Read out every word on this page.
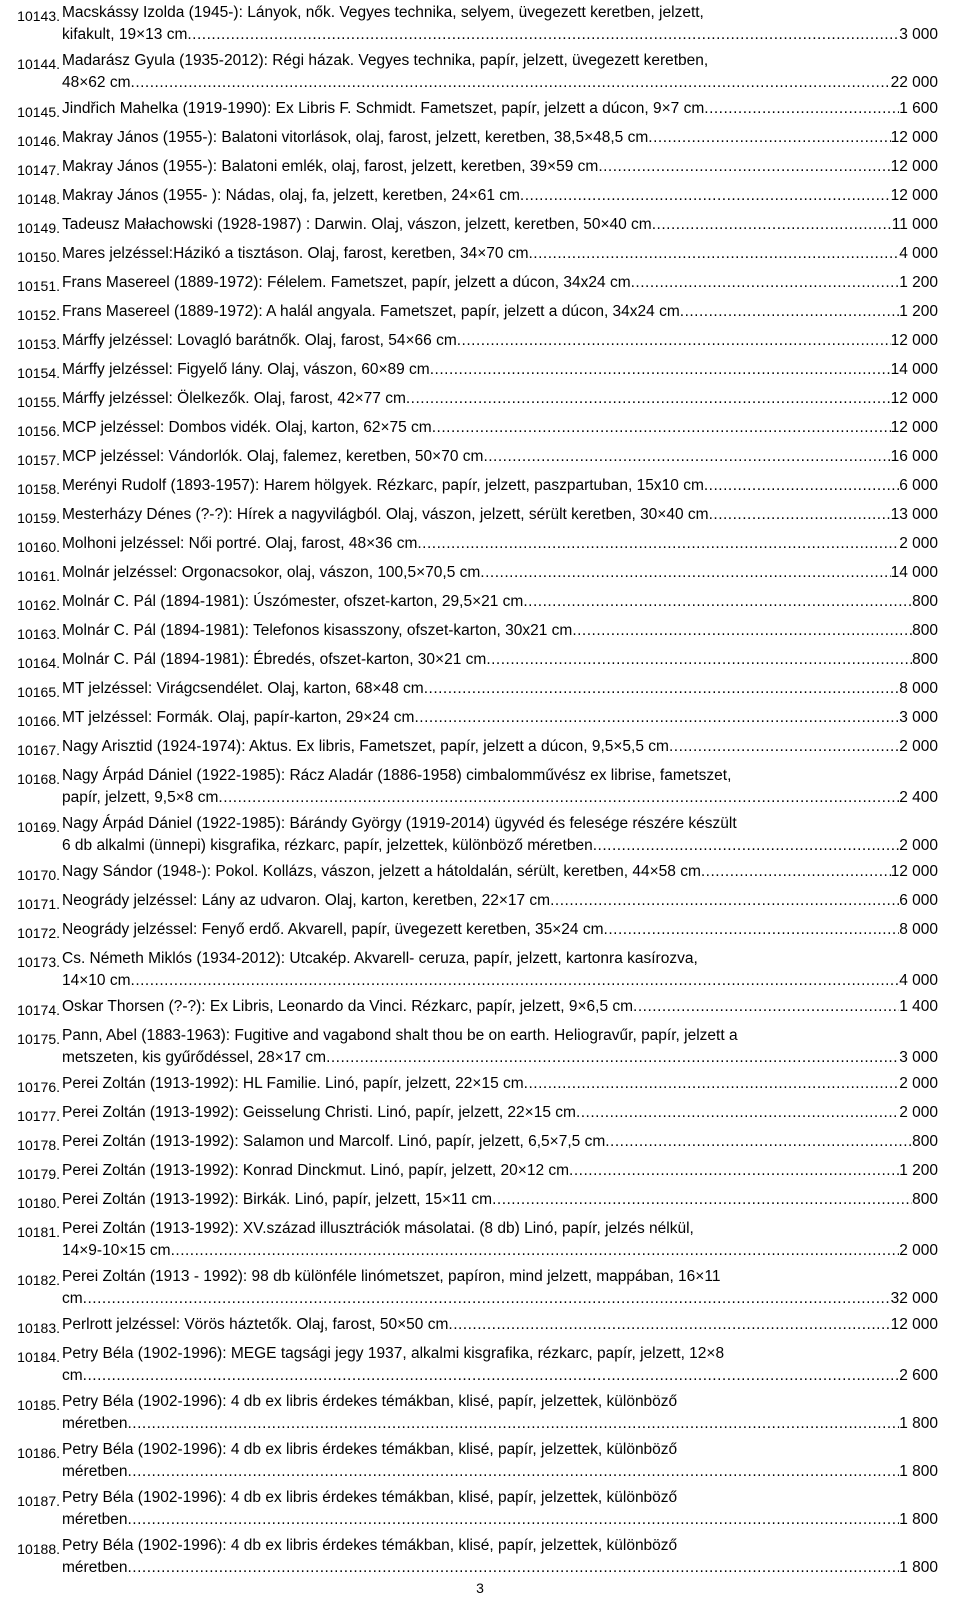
10143. Macskássy Izolda (1945-): Lányok, nők. Vegyes technika, selyem, üvegezett keretben, jelzett,
kifakult, 19×13 cm .....	3 000
10144. Madarász Gyula (1935-2012): Régi házak. Vegyes technika, papír, jelzett, üvegezett keretben,
48×62 cm .....	22 000
10145. Jindřich Mahelka (1919-1990): Ex Libris F. Schmidt. Fametszet, papír, jelzett a dúcon, 9×7 cm .....	1 600
10146. Makray János (1955-): Balatoni vitorlások, olaj, farost, jelzett, keretben, 38,5×48,5 cm .....	12 000
10147. Makray János (1955-): Balatoni emlék, olaj, farost, jelzett, keretben, 39×59 cm .....	12 000
10148. Makray János (1955- ): Nádas, olaj, fa, jelzett, keretben, 24×61 cm .....	12 000
10149. Tadeusz Małachowski (1928-1987) : Darwin. Olaj, vászon, jelzett, keretben, 50×40 cm .....	11 000
10150. Mares jelzéssel:Házikó a tisztáson. Olaj, farost, keretben, 34×70 cm .....	4 000
10151. Frans Masereel (1889-1972): Félelem. Fametszet, papír, jelzett a dúcon, 34x24 cm .....	1 200
10152. Frans Masereel (1889-1972): A halál angyala. Fametszet, papír, jelzett a dúcon, 34x24 cm .....	1 200
10153. Márffy jelzéssel: Lovagló barátnők. Olaj, farost, 54×66 cm .....	12 000
10154. Márffy jelzéssel: Figyelő lány. Olaj, vászon, 60×89 cm .....	14 000
10155. Márffy jelzéssel: Ölelkezők. Olaj, farost, 42×77 cm .....	12 000
10156. MCP jelzéssel: Dombos vidék. Olaj, karton, 62×75 cm .....	12 000
10157. MCP jelzéssel: Vándorlók. Olaj, falemez, keretben, 50×70 cm .....	16 000
10158. Merényi Rudolf (1893-1957): Harem hölgyek. Rézkarc, papír, jelzett, paszpartuban, 15x10 cm .....	6 000
10159. Mesterházy Dénes (?-?): Hírek a nagyvilágból. Olaj, vászon, jelzett, sérült keretben, 30×40 cm .....	13 000
10160. Molhoni jelzéssel: Női portré. Olaj, farost, 48×36 cm .....	2 000
10161. Molnár jelzéssel: Orgonacsokor, olaj, vászon, 100,5×70,5 cm .....	14 000
10162. Molnár C. Pál (1894-1981): Úszómester, ofszet-karton, 29,5×21 cm .....	800
10163. Molnár C. Pál (1894-1981): Telefonos kisasszony, ofszet-karton, 30x21 cm .....	800
10164. Molnár C. Pál (1894-1981): Ébredés, ofszet-karton, 30×21 cm .....	800
10165. MT jelzéssel: Virágcsendélet. Olaj, karton, 68×48 cm .....	8 000
10166. MT jelzéssel: Formák. Olaj, papír-karton, 29×24 cm .....	3 000
10167. Nagy Arisztid (1924-1974): Aktus. Ex libris, Fametszet, papír, jelzett a dúcon, 9,5×5,5 cm .....	2 000
10168. Nagy Árpád Dániel (1922-1985): Rácz Aladár (1886-1958) cimbalomművész ex librise, fametszet,
papír, jelzett, 9,5×8 cm .....	2 400
10169. Nagy Árpád Dániel (1922-1985): Bárándy György (1919-2014) ügyvéd és felesége részére készült
6 db alkalmi (ünnepi) kisgrafika, rézkarc, papír, jelzettek, különböző méretben .....	2 000
10170. Nagy Sándor (1948-): Pokol. Kollázs, vászon, jelzett a hátoldalán, sérült, keretben, 44×58 cm .....	12 000
10171. Neogrády jelzéssel: Lány az udvaron. Olaj, karton, keretben, 22×17 cm .....	6 000
10172. Neogrády jelzéssel: Fenyő erdő. Akvarell, papír, üvegezett keretben, 35×24 cm .....	8 000
10173. Cs. Németh Miklós (1934-2012): Utcakép. Akvarell- ceruza, papír, jelzett, kartonra kasírozva,
14×10 cm .....	4 000
10174. Oskar Thorsen (?-?): Ex Libris, Leonardo da Vinci. Rézkarc, papír, jelzett, 9×6,5 cm .....	1 400
10175. Pann, Abel (1883-1963): Fugitive and vagabond shalt thou be on earth. Heliogravűr, papír, jelzett a
metszeten, kis gyűrődéssel, 28×17 cm .....	3 000
10176. Perei Zoltán (1913-1992): HL Familie. Linó, papír, jelzett, 22×15 cm .....	2 000
10177. Perei Zoltán (1913-1992): Geisselung Christi. Linó, papír, jelzett, 22×15 cm .....	2 000
10178. Perei Zoltán (1913-1992): Salamon und Marcolf. Linó, papír, jelzett, 6,5×7,5 cm .....	800
10179. Perei Zoltán (1913-1992): Konrad Dinckmut. Linó, papír, jelzett, 20×12 cm .....	1 200
10180. Perei Zoltán (1913-1992): Birkák. Linó, papír, jelzett, 15×11 cm .....	800
10181. Perei Zoltán (1913-1992): XV.század illusztrációk másolatai. (8 db) Linó, papír, jelzés nélkül,
14×9-10×15 cm .....	2 000
10182. Perei Zoltán (1913 - 1992): 98 db különféle linómetszet, papíron, mind jelzett, mappában, 16×11
cm .....	32 000
10183. Perlrott jelzéssel: Vörös háztetők. Olaj, farost, 50×50 cm .....	12 000
10184. Petry Béla (1902-1996): MEGE tagsági jegy 1937, alkalmi kisgrafika, rézkarc, papír, jelzett, 12×8
cm .....	2 600
10185. Petry Béla (1902-1996): 4 db ex libris érdekes témákban, klisé, papír, jelzettek, különböző
méretben .....	1 800
10186. Petry Béla (1902-1996): 4 db ex libris érdekes témákban, klisé, papír, jelzettek, különböző
méretben .....	1 800
10187. Petry Béla (1902-1996): 4 db ex libris érdekes témákban, klisé, papír, jelzettek, különböző
méretben .....	1 800
10188. Petry Béla (1902-1996): 4 db ex libris érdekes témákban, klisé, papír, jelzettek, különböző
méretben .....	1 800
3
